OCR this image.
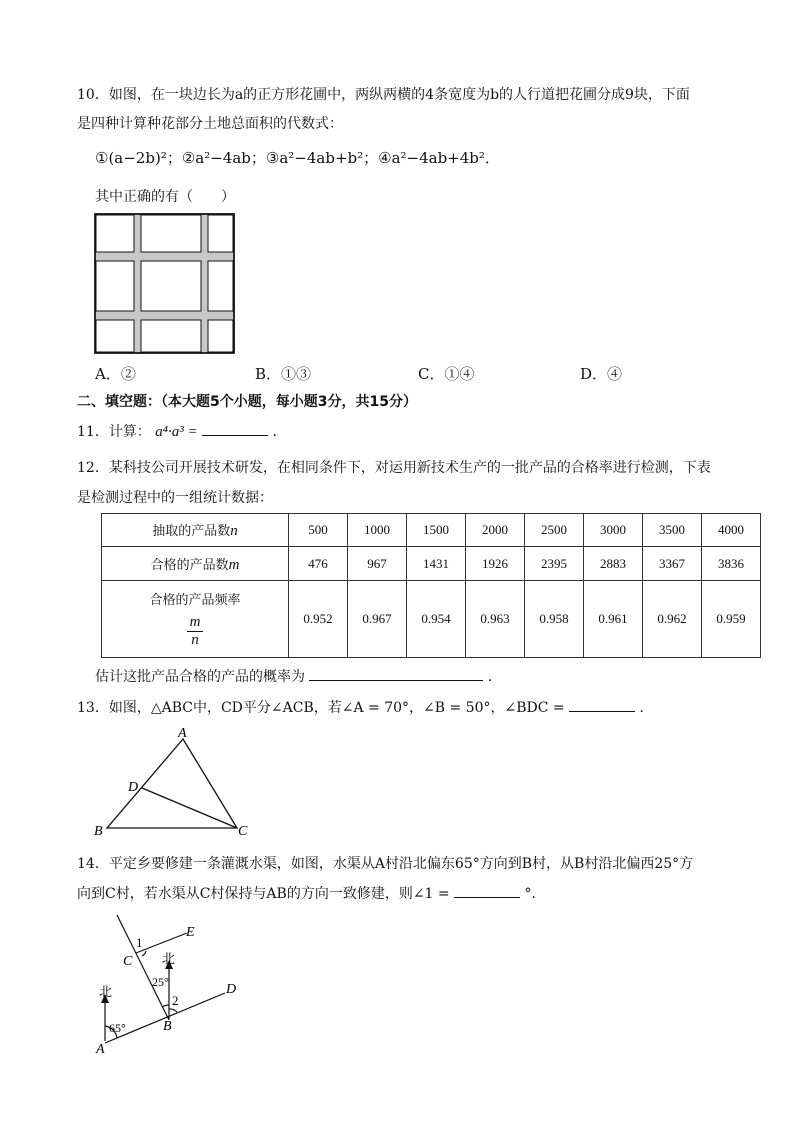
10．如图，在一块边长为a的正方形花圃中，两纵两横的4条宽度为b的人行道把花圃分成9块，下面
是四种计算种花部分土地总面积的代数式：
①(a−2b)²；②a²−4ab；③a²−4ab+b²；④a²−4ab+4b²．
其中正确的有（　　）
A．②	B．①③	C．①④	D．④
二、填空题：（本大题5个小题，每小题3分，共15分）
11．计算： a⁴·a³ =	．
12．某科技公司开展技术研发，在相同条件下，对运用新技术生产的一批产品的合格率进行检测，下表
是检测过程中的一组统计数据：
抽取的产品数n	500	1000	1500	2000	2500	3000	3500	4000
合格的产品数m	476	967	1431	1926	2395	2883	3367	3836

合格的产品频率
$\frac{m}{n}$	0.952	0.967	0.954	0.963	0.958	0.961	0.962	0.959
估计这批产品合格的产品的概率为	．
13．如图，△ABC中，CD平分∠ACB，若∠A = 70°，∠B = 50°，∠BDC =	．
A
D
B	C
14．平定乡要修建一条灌溉水渠，如图，水渠从A村沿北偏东65°方向到B村，从B村沿北偏西25°方
向到C村，若水渠从C村保持与AB的方向一致修建，则∠1 =	°．
北
北
65°
25°
1
2
A
B
C
D
E
